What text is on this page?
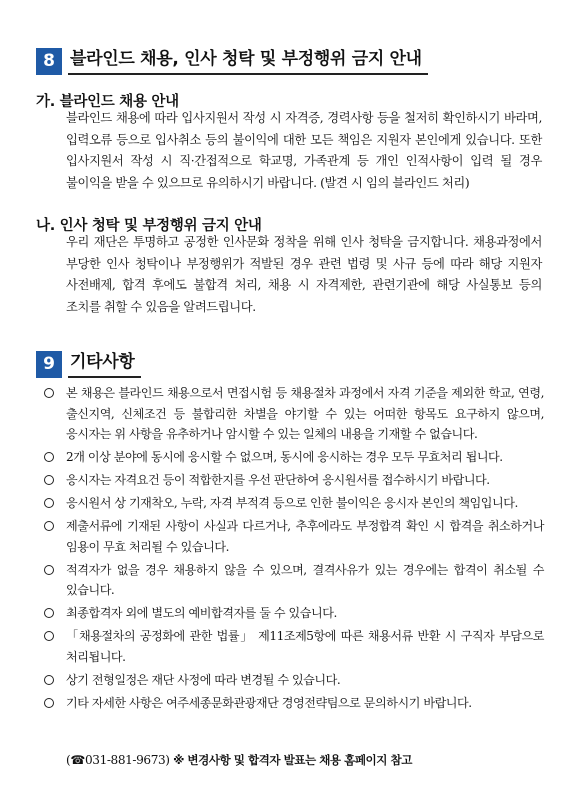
8 블라인드 채용, 인사 청탁 및 부정행위 금지 안내
가. 블라인드 채용 안내
블라인드 채용에 따라 입사지원서 작성 시 자격증, 경력사항 등을 철저히 확인하시기 바라며, 입력오류 등으로 입사취소 등의 불이익에 대한 모든 책임은 지원자 본인에게 있습니다. 또한 입사지원서 작성 시 직·간접적으로 학교명, 가족관계 등 개인 인적사항이 입력 될 경우 불이익을 받을 수 있으므로 유의하시기 바랍니다. (발견 시 임의 블라인드 처리)
나. 인사 청탁 및 부정행위 금지 안내
우리 재단은 투명하고 공정한 인사문화 정착을 위해 인사 청탁을 금지합니다. 채용과정에서 부당한 인사 청탁이나 부정행위가 적발된 경우 관련 법령 및 사규 등에 따라 해당 지원자 사전배제, 합격 후에도 불합격 처리, 채용 시 자격제한, 관련기관에 해당 사실통보 등의 조치를 취할 수 있음을 알려드립니다.
9 기타사항
본 채용은 블라인드 채용으로서 면접시험 등 채용절차 과정에서 자격 기준을 제외한 학교, 연령, 출신지역, 신체조건 등 불합리한 차별을 야기할 수 있는 어떠한 항목도 요구하지 않으며, 응시자는 위 사항을 유추하거나 암시할 수 있는 일체의 내용을 기재할 수 없습니다.
2개 이상 분야에 동시에 응시할 수 없으며, 동시에 응시하는 경우 모두 무효처리 됩니다.
응시자는 자격요건 등이 적합한지를 우선 판단하여 응시원서를 접수하시기 바랍니다.
응시원서 상 기재착오, 누락, 자격 부적격 등으로 인한 불이익은 응시자 본인의 책임입니다.
제출서류에 기재된 사항이 사실과 다르거나, 추후에라도 부정합격 확인 시 합격을 취소하거나 임용이 무효 처리될 수 있습니다.
적격자가 없을 경우 채용하지 않을 수 있으며, 결격사유가 있는 경우에는 합격이 취소될 수 있습니다.
최종합격자 외에 별도의 예비합격자를 둘 수 있습니다.
「채용절차의 공정화에 관한 법률」 제11조제5항에 따른 채용서류 반환 시 구직자 부담으로 처리됩니다.
상기 전형일정은 재단 사정에 따라 변경될 수 있습니다.
기타 자세한 사항은 여주세종문화관광재단 경영전략팀으로 문의하시기 바랍니다.
(☎031-881-9673) ※ 변경사항 및 합격자 발표는 채용 홈페이지 참고
